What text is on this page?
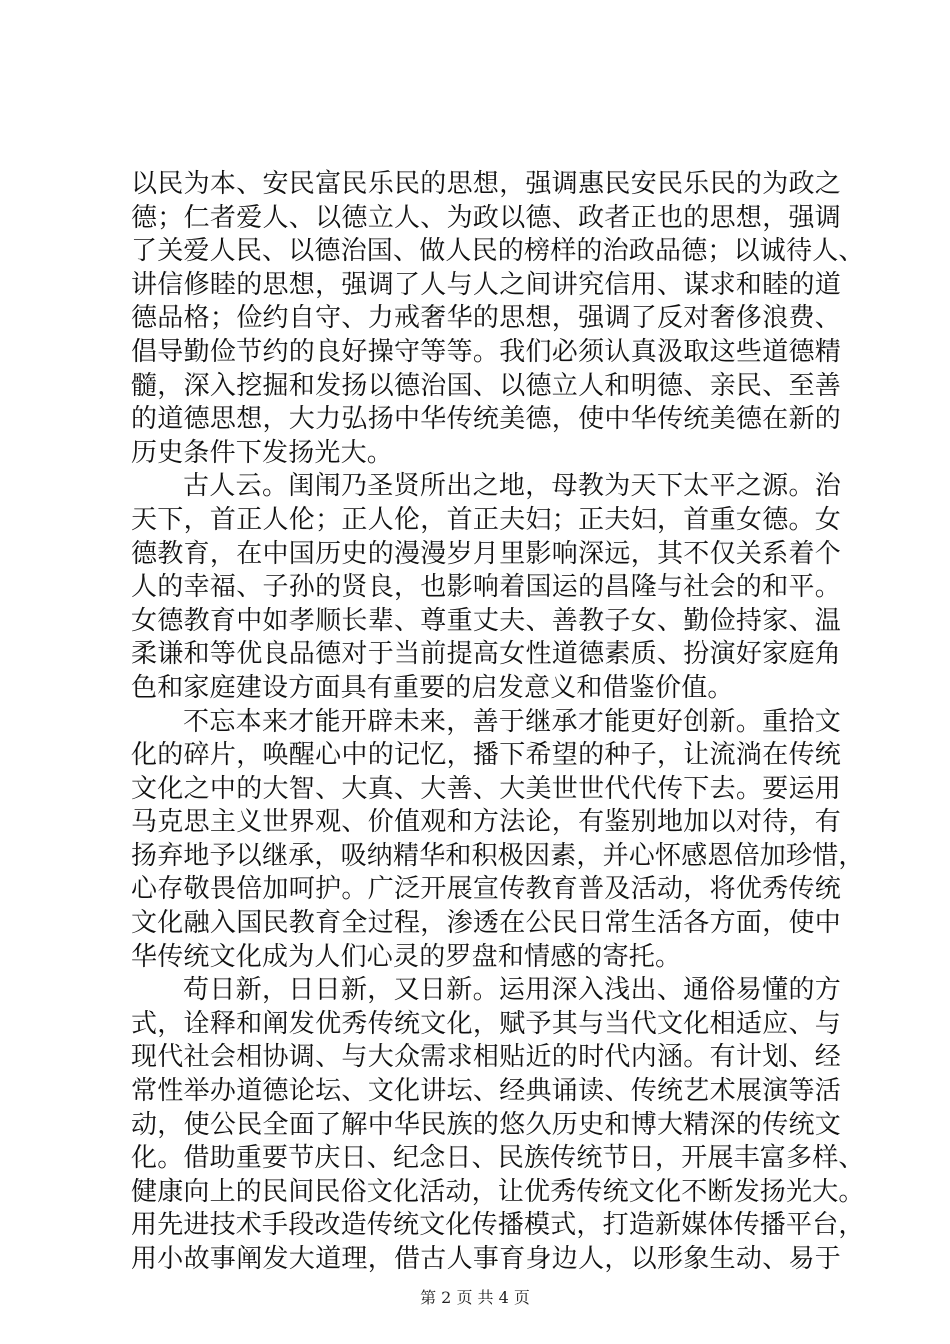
以民为本、安民富民乐民的思想，强调惠民安民乐民的为政之
德；仁者爱人、以德立人、为政以德、政者正也的思想，强调
了关爱人民、以德治国、做人民的榜样的治政品德；以诚待人、
讲信修睦的思想，强调了人与人之间讲究信用、谋求和睦的道
德品格；俭约自守、力戒奢华的思想，强调了反对奢侈浪费、
倡导勤俭节约的良好操守等等。我们必须认真汲取这些道德精
髓，深入挖掘和发扬以德治国、以德立人和明德、亲民、至善
的道德思想，大力弘扬中华传统美德，使中华传统美德在新的
历史条件下发扬光大。
古人云。闺闱乃圣贤所出之地，母教为天下太平之源。治
天下，首正人伦；正人伦，首正夫妇；正夫妇，首重女德。女
德教育，在中国历史的漫漫岁月里影响深远，其不仅关系着个
人的幸福、子孙的贤良，也影响着国运的昌隆与社会的和平。
女德教育中如孝顺长辈、尊重丈夫、善教子女、勤俭持家、温
柔谦和等优良品德对于当前提高女性道德素质、扮演好家庭角
色和家庭建设方面具有重要的启发意义和借鉴价值。
不忘本来才能开辟未来，善于继承才能更好创新。重拾文
化的碎片，唤醒心中的记忆，播下希望的种子，让流淌在传统
文化之中的大智、大真、大善、大美世世代代传下去。要运用
马克思主义世界观、价值观和方法论，有鉴别地加以对待，有
扬弃地予以继承，吸纳精华和积极因素，并心怀感恩倍加珍惜，
心存敬畏倍加呵护。广泛开展宣传教育普及活动，将优秀传统
文化融入国民教育全过程，渗透在公民日常生活各方面，使中
华传统文化成为人们心灵的罗盘和情感的寄托。
苟日新，日日新，又日新。运用深入浅出、通俗易懂的方
式，诠释和阐发优秀传统文化，赋予其与当代文化相适应、与
现代社会相协调、与大众需求相贴近的时代内涵。有计划、经
常性举办道德论坛、文化讲坛、经典诵读、传统艺术展演等活
动，使公民全面了解中华民族的悠久历史和博大精深的传统文
化。借助重要节庆日、纪念日、民族传统节日，开展丰富多样、
健康向上的民间民俗文化活动，让优秀传统文化不断发扬光大。
用先进技术手段改造传统文化传播模式，打造新媒体传播平台，
用小故事阐发大道理，借古人事育身边人，以形象生动、易于
第 2 页 共 4 页
